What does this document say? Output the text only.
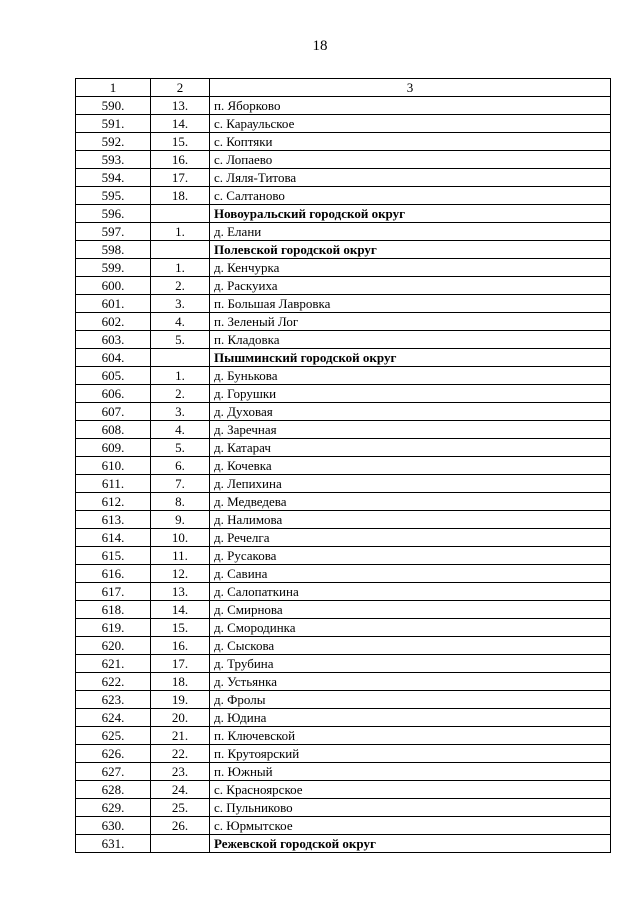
18
1	2	3
590.	13.	п. Яборково
591.	14.	с. Караульское
592.	15.	с. Коптяки
593.	16.	с. Лопаево
594.	17.	с. Ляля-Титова
595.	18.	с. Салтаново
596.		Новоуральский городской округ
597.	1.	д. Елани
598.		Полевской городской округ
599.	1.	д. Кенчурка
600.	2.	д. Раскуиха
601.	3.	п. Большая Лавровка
602.	4.	п. Зеленый Лог
603.	5.	п. Кладовка
604.		Пышминский городской округ
605.	1.	д. Бунькова
606.	2.	д. Горушки
607.	3.	д. Духовая
608.	4.	д. Заречная
609.	5.	д. Катарач
610.	6.	д. Кочевка
611.	7.	д. Лепихина
612.	8.	д. Медведева
613.	9.	д. Налимова
614.	10.	д. Речелга
615.	11.	д. Русакова
616.	12.	д. Савина
617.	13.	д. Салопаткина
618.	14.	д. Смирнова
619.	15.	д. Смородинка
620.	16.	д. Сыскова
621.	17.	д. Трубина
622.	18.	д. Устьянка
623.	19.	д. Фролы
624.	20.	д. Юдина
625.	21.	п. Ключевской
626.	22.	п. Крутоярский
627.	23.	п. Южный
628.	24.	с. Красноярское
629.	25.	с. Пульниково
630.	26.	с. Юрмытское
631.		Режевской городской округ
